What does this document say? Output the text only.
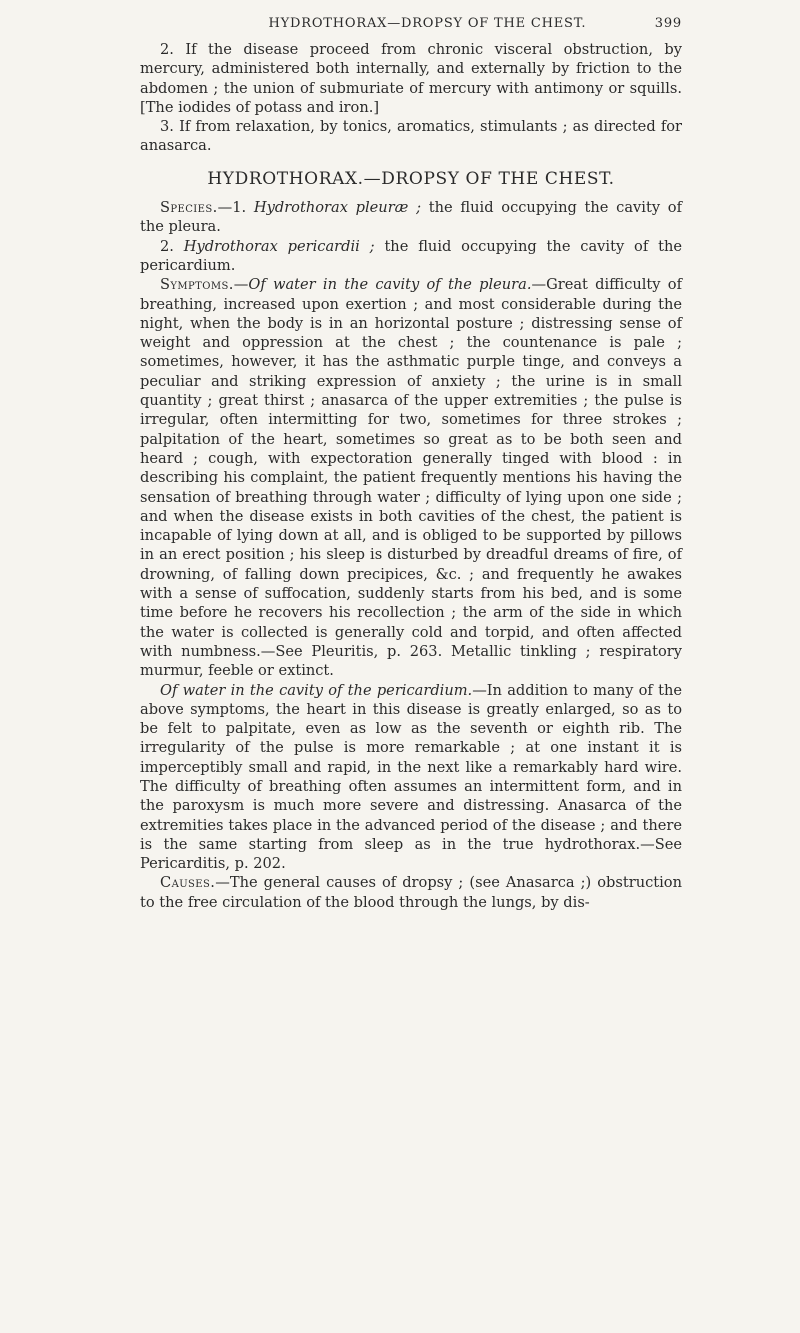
HYDROTHORAX—DROPSY OF THE CHEST.	399

2. If the disease proceed from chronic visceral obstruction, by mercury, administered both internally, and externally by friction to the abdomen ; the union of submuriate of mercury with antimony or squills. [The iodides of potass and iron.]

3. If from relaxation, by tonics, aromatics, stimulants ; as directed for anasarca.

HYDROTHORAX.—DROPSY OF THE CHEST.

Species.—1. Hydrothorax pleuræ ; the fluid occupying the cavity of the pleura.

2. Hydrothorax pericardii ; the fluid occupying the cavity of the pericardium.

Symptoms.—Of water in the cavity of the pleura.—Great difficulty of breathing, increased upon exertion ; and most considerable during the night, when the body is in an horizontal posture ; distressing sense of weight and oppression at the chest ; the countenance is pale ; sometimes, however, it has the asthmatic purple tinge, and conveys a peculiar and striking expression of anxiety ; the urine is in small quantity ; great thirst ; anasarca of the upper extremities ; the pulse is irregular, often intermitting for two, sometimes for three strokes ; palpitation of the heart, sometimes so great as to be both seen and heard ; cough, with expectoration generally tinged with blood : in describing his complaint, the patient frequently mentions his having the sensation of breathing through water ; difficulty of lying upon one side ; and when the disease exists in both cavities of the chest, the patient is incapable of lying down at all, and is obliged to be supported by pillows in an erect position ; his sleep is disturbed by dreadful dreams of fire, of drowning, of falling down precipices, &c. ; and frequently he awakes with a sense of suffocation, suddenly starts from his bed, and is some time before he recovers his recollection ; the arm of the side in which the water is collected is generally cold and torpid, and often affected with numbness.—See Pleuritis, p. 263. Metallic tinkling ; respiratory murmur, feeble or extinct.

Of water in the cavity of the pericardium.—In addition to many of the above symptoms, the heart in this disease is greatly enlarged, so as to be felt to palpitate, even as low as the seventh or eighth rib. The irregularity of the pulse is more remarkable ; at one instant it is imperceptibly small and rapid, in the next like a remarkably hard wire. The difficulty of breathing often assumes an intermittent form, and in the paroxysm is much more severe and distressing. Anasarca of the extremities takes place in the advanced period of the disease ; and there is the same starting from sleep as in the true hydrothorax.—See Pericarditis, p. 202.

Causes.—The general causes of dropsy ; (see Anasarca ;) obstruction to the free circulation of the blood through the lungs, by dis-
